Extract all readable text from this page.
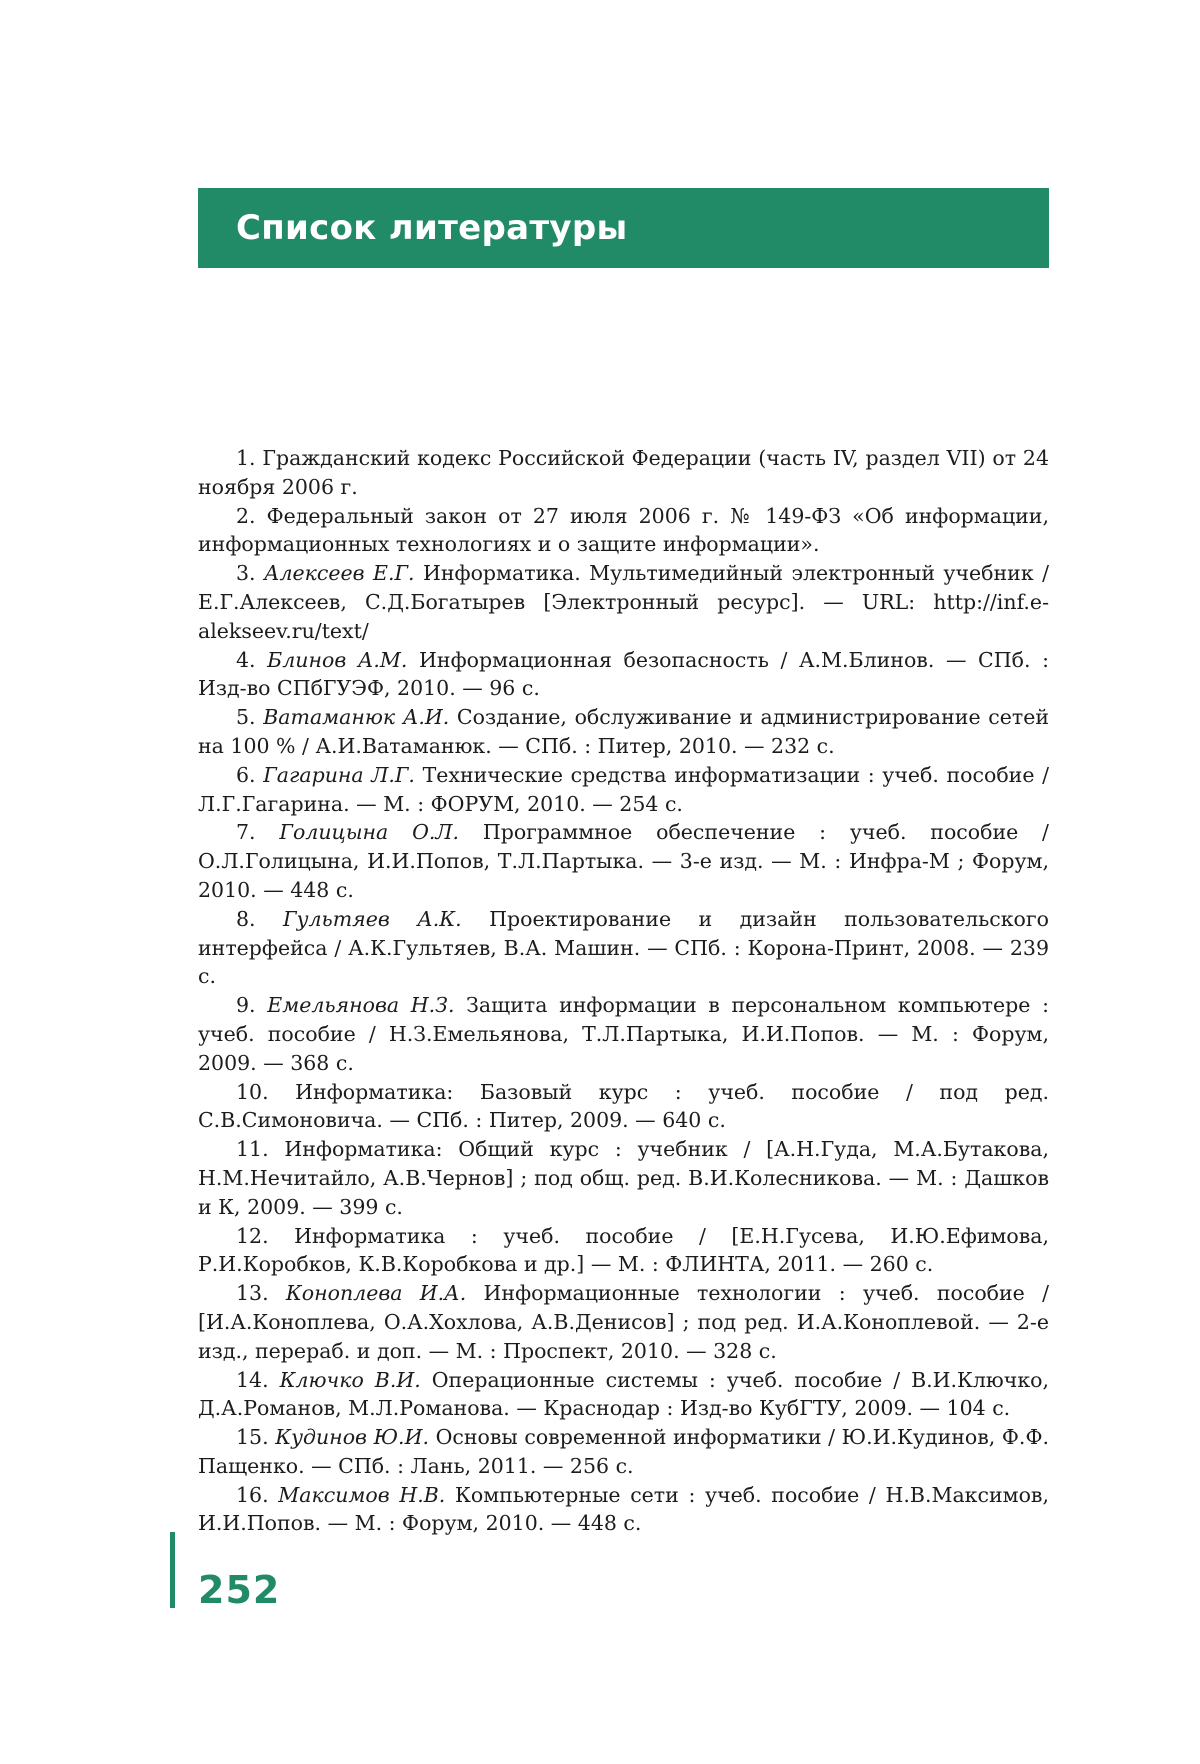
Список литературы
1. Гражданский кодекс Российской Федерации (часть IV, раздел VII) от 24 ноября 2006 г.
2. Федеральный закон от 27 июля 2006 г. № 149-ФЗ «Об информации, информационных технологиях и о защите информации».
3. Алексеев Е.Г. Информатика. Мультимедийный электронный учебник / Е.Г.Алексеев, С.Д.Богатырев [Электронный ресурс]. — URL: http://inf.e-alekseev.ru/text/
4. Блинов А.М. Информационная безопасность / А.М.Блинов. — СПб. : Изд-во СПбГУЭФ, 2010. — 96 с.
5. Ватаманюк А.И. Создание, обслуживание и администрирование сетей на 100 % / А.И.Ватаманюк. — СПб. : Питер, 2010. — 232 с.
6. Гагарина Л.Г. Технические средства информатизации : учеб. пособие / Л.Г.Гагарина. — М. : ФОРУМ, 2010. — 254 с.
7. Голицына О.Л. Программное обеспечение : учеб. пособие / О.Л.Голицына, И.И.Попов, Т.Л.Партыка. — 3-е изд. — М. : Инфра-М ; Форум, 2010. — 448 с.
8. Гультяев А.К. Проектирование и дизайн пользовательского интерфейса / А.К.Гультяев, В.А. Машин. — СПб. : Корона-Принт, 2008. — 239 с.
9. Емельянова Н.З. Защита информации в персональном компьютере : учеб. пособие / Н.З.Емельянова, Т.Л.Партыка, И.И.Попов. — М. : Форум, 2009. — 368 с.
10. Информатика: Базовый курс : учеб. пособие / под ред. С.В.Симоновича. — СПб. : Питер, 2009. — 640 с.
11. Информатика: Общий курс : учебник / [А.Н.Гуда, М.А.Бутакова, Н.М.Нечитайло, А.В.Чернов] ; под общ. ред. В.И.Колесникова. — М. : Дашков и К, 2009. — 399 с.
12. Информатика : учеб. пособие / [Е.Н.Гусева, И.Ю.Ефимова, Р.И.Коробков, К.В.Коробкова и др.] — М. : ФЛИНТА, 2011. — 260 с.
13. Коноплева И.А. Информационные технологии : учеб. пособие / [И.А.Коноплева, О.А.Хохлова, А.В.Денисов] ; под ред. И.А.Коноплевой. — 2-е изд., перераб. и доп. — М. : Проспект, 2010. — 328 с.
14. Ключко В.И. Операционные системы : учеб. пособие / В.И.Ключко, Д.А.Романов, М.Л.Романова. — Краснодар : Изд-во КубГТУ, 2009. — 104 с.
15. Кудинов Ю.И. Основы современной информатики / Ю.И.Кудинов, Ф.Ф. Пащенко. — СПб. : Лань, 2011. — 256 с.
16. Максимов Н.В. Компьютерные сети : учеб. пособие / Н.В.Максимов, И.И.Попов. — М. : Форум, 2010. — 448 с.
252
